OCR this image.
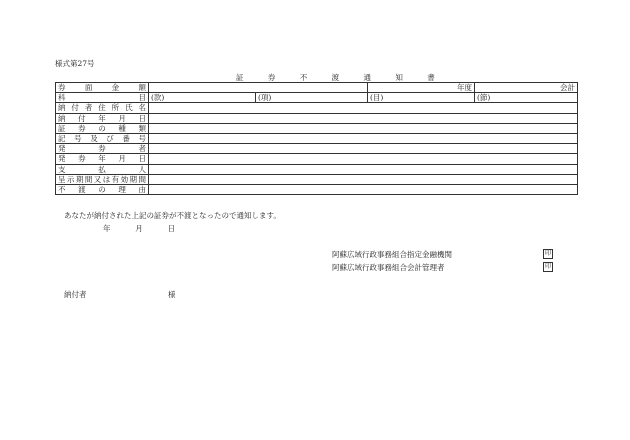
様式第27号
証 券 不 渡 通 知 書
券面金額			年度	会計
科目	(款)	(項)	(目)	(節)
納付者住所氏名				
納付年月日				
証券の種類				
記号及び番号				
発券者				
発券年月日				
支払人				
呈示期間又は有効期間				
不渡の理由				
あなたが納付された上記の証券が不渡となったので通知します。
年	月	日
阿蘇広域行政事務組合指定金融機関	印
阿蘇広域行政事務組合会計管理者	印
納付者	様
